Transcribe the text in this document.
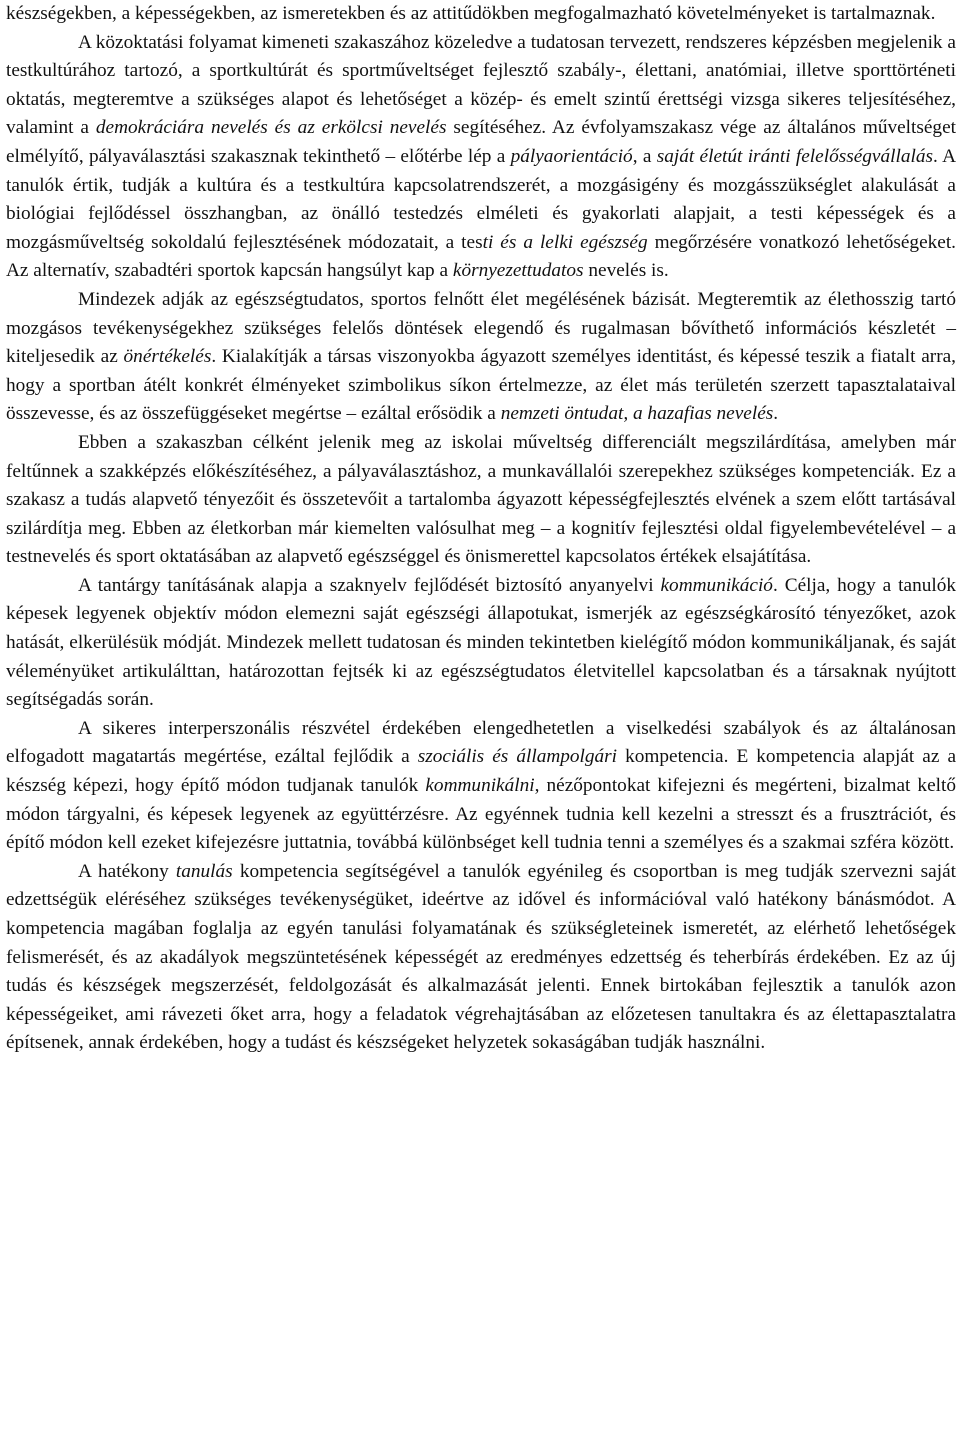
készségekben, a képességekben, az ismeretekben és az attitűdökben megfogalmazható követelményeket is tartalmaznak.

A közoktatási folyamat kimeneti szakaszához közeledve a tudatosan tervezett, rendszeres képzésben megjelenik a testkultúrához tartozó, a sportkultúrát és sportműveltséget fejlesztő szabály-, élettani, anatómiai, illetve sporttörténeti oktatás, megteremtve a szükséges alapot és lehetőséget a közép- és emelt szintű érettségi vizsga sikeres teljesítéséhez, valamint a demokráciára nevelés és az erkölcsi nevelés segítéséhez. Az évfolyamszakasz vége az általános műveltséget elmélyítő, pályaválasztási szakasznak tekinthető – előtérbe lép a pályaorientáció, a saját életút iránti felelősségvállalás. A tanulók értik, tudják a kultúra és a testkultúra kapcsolatrendszerét, a mozgásigény és mozgásszükséglet alakulását a biológiai fejlődéssel összhangban, az önálló testedzés elméleti és gyakorlati alapjait, a testi képességek és a mozgásműveltség sokoldalú fejlesztésének módozatait, a testi és a lelki egészség megőrzésére vonatkozó lehetőségeket. Az alternatív, szabadtéri sportok kapcsán hangsúlyt kap a környezettudatos nevelés is.

Mindezek adják az egészségtudatos, sportos felnőtt élet megélésének bázisát. Megteremtik az élethosszig tartó mozgásos tevékenységekhez szükséges felelős döntések elegendő és rugalmasan bővíthető információs készletét – kiteljesedik az önértékelés. Kialakítják a társas viszonyokba ágyazott személyes identitást, és képessé teszik a fiatalt arra, hogy a sportban átélt konkrét élményeket szimbolikus síkon értelmezze, az élet más területén szerzett tapasztalataival összevesse, és az összefüggéseket megértse – ezáltal erősödik a nemzeti öntudat, a hazafias nevelés.

Ebben a szakaszban célként jelenik meg az iskolai műveltség differenciált megszilárdítása, amelyben már feltűnnek a szakképzés előkészítéséhez, a pályaválasztáshoz, a munkavállalói szerepekhez szükséges kompetenciák. Ez a szakasz a tudás alapvető tényezőit és összetevőit a tartalomba ágyazott képességfejlesztés elvének a szem előtt tartásával szilárdítja meg. Ebben az életkorban már kiemelten valósulhat meg – a kognitív fejlesztési oldal figyelembevételével – a testnevelés és sport oktatásában az alapvető egészséggel és önismerettel kapcsolatos értékek elsajátítása.

A tantárgy tanításának alapja a szaknyelv fejlődését biztosító anyanyelvi kommunikáció. Célja, hogy a tanulók képesek legyenek objektív módon elemezni saját egészségi állapotukat, ismerjék az egészségkárosító tényezőket, azok hatását, elkerülésük módját. Mindezek mellett tudatosan és minden tekintetben kielégítő módon kommunikáljanak, és saját véleményüket artikulálttan, határozottan fejtsék ki az egészségtudatos életvitellel kapcsolatban és a társaknak nyújtott segítségadás során.

A sikeres interperszonális részvétel érdekében elengedhetetlen a viselkedési szabályok és az általánosan elfogadott magatartás megértése, ezáltal fejlődik a szociális és állampolgári kompetencia. E kompetencia alapját az a készség képezi, hogy építő módon tudjanak tanulók kommunikálni, nézőpontokat kifejezni és megérteni, bizalmat keltő módon tárgyalni, és képesek legyenek az együttérzésre. Az egyénnek tudnia kell kezelni a stresszt és a frusztrációt, és építő módon kell ezeket kifejezésre juttatnia, továbbá különbséget kell tudnia tenni a személyes és a szakmai szféra között.

A hatékony tanulás kompetencia segítségével a tanulók egyénileg és csoportban is meg tudják szervezni saját edzettségük eléréséhez szükséges tevékenységüket, ideértve az idővel és információval való hatékony bánásmódot. A kompetencia magában foglalja az egyén tanulási folyamatának és szükségleteinek ismeretét, az elérhető lehetőségek felismerését, és az akadályok megszüntetésének képességét az eredményes edzettség és teherbírás érdekében. Ez az új tudás és készségek megszerzését, feldolgozását és alkalmazását jelenti. Ennek birtokában fejlesztik a tanulók azon képességeiket, ami rávezeti őket arra, hogy a feladatok végrehajtásában az előzetesen tanultakra és az élettapasztalatra építsenek, annak érdekében, hogy a tudást és készségeket helyzetek sokaságában tudják használni.
